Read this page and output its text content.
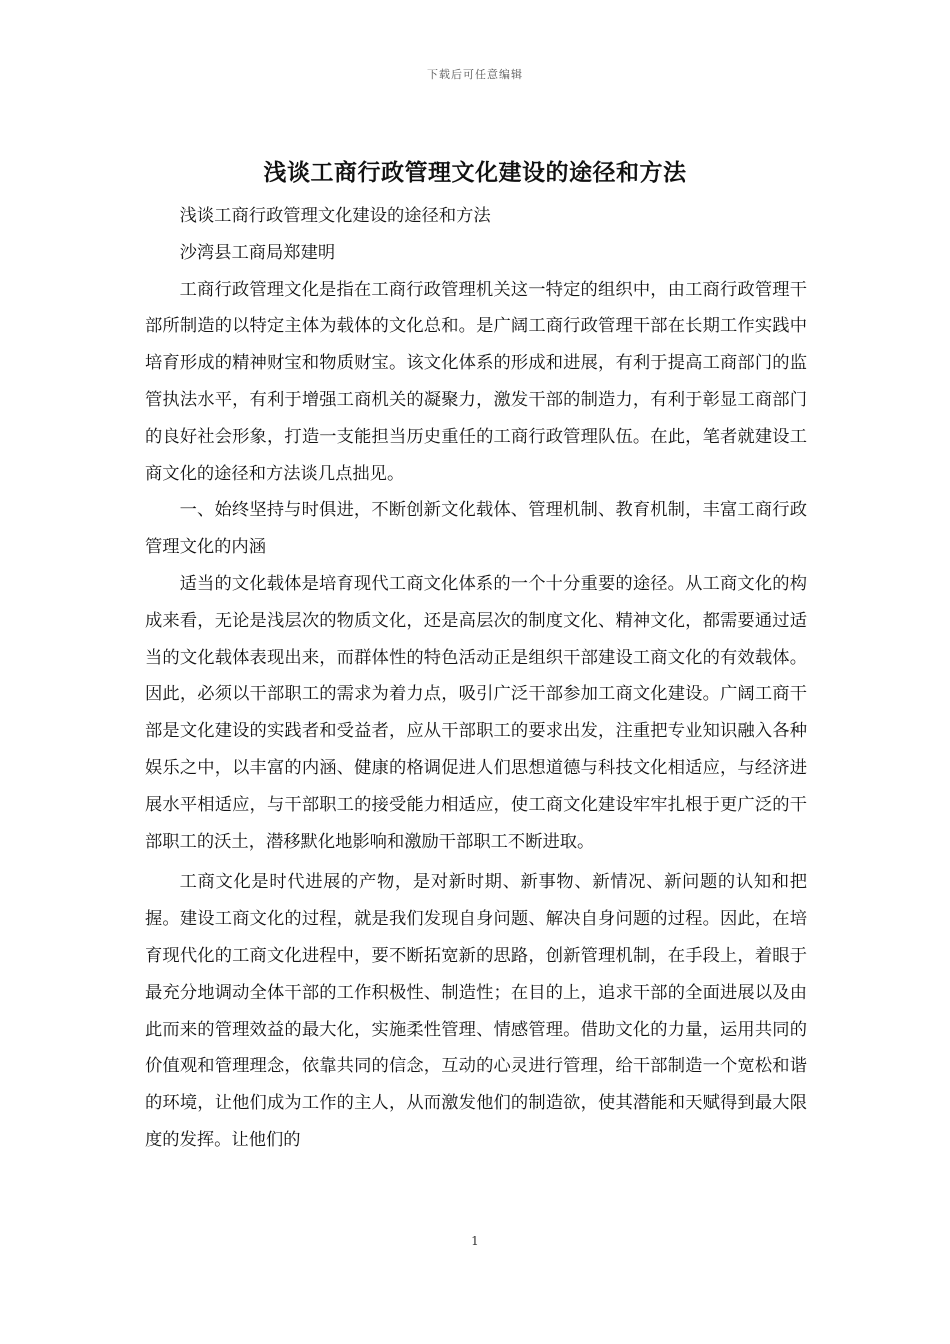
下载后可任意编辑
浅谈工商行政管理文化建设的途径和方法

浅谈工商行政管理文化建设的途径和方法

沙湾县工商局郑建明

工商行政管理文化是指在工商行政管理机关这一特定的组织中，由工商行政管理干部所制造的以特定主体为载体的文化总和。是广阔工商行政管理干部在长期工作实践中培育形成的精神财宝和物质财宝。该文化体系的形成和进展，有利于提高工商部门的监管执法水平，有利于增强工商机关的凝聚力，激发干部的制造力，有利于彰显工商部门的良好社会形象，打造一支能担当历史重任的工商行政管理队伍。在此，笔者就建设工商文化的途径和方法谈几点拙见。

一、始终坚持与时俱进，不断创新文化载体、管理机制、教育机制，丰富工商行政管理文化的内涵

适当的文化载体是培育现代工商文化体系的一个十分重要的途径。从工商文化的构成来看，无论是浅层次的物质文化，还是高层次的制度文化、精神文化，都需要通过适当的文化载体表现出来，而群体性的特色活动正是组织干部建设工商文化的有效载体。因此，必须以干部职工的需求为着力点，吸引广泛干部参加工商文化建设。广阔工商干部是文化建设的实践者和受益者，应从干部职工的要求出发，注重把专业知识融入各种娱乐之中，以丰富的内涵、健康的格调促进人们思想道德与科技文化相适应，与经济进展水平相适应，与干部职工的接受能力相适应，使工商文化建设牢牢扎根于更广泛的干部职工的沃土，潜移默化地影响和激励干部职工不断进取。

工商文化是时代进展的产物，是对新时期、新事物、新情况、新问题的认知和把握。建设工商文化的过程，就是我们发现自身问题、解决自身问题的过程。因此，在培育现代化的工商文化进程中，要不断拓宽新的思路，创新管理机制，在手段上，着眼于最充分地调动全体干部的工作积极性、制造性；在目的上，追求干部的全面进展以及由此而来的管理效益的最大化，实施柔性管理、情感管理。借助文化的力量，运用共同的价值观和管理理念，依靠共同的信念，互动的心灵进行管理，给干部制造一个宽松和谐的环境，让他们成为工作的主人，从而激发他们的制造欲，使其潜能和天赋得到最大限度的发挥。让他们的

1
